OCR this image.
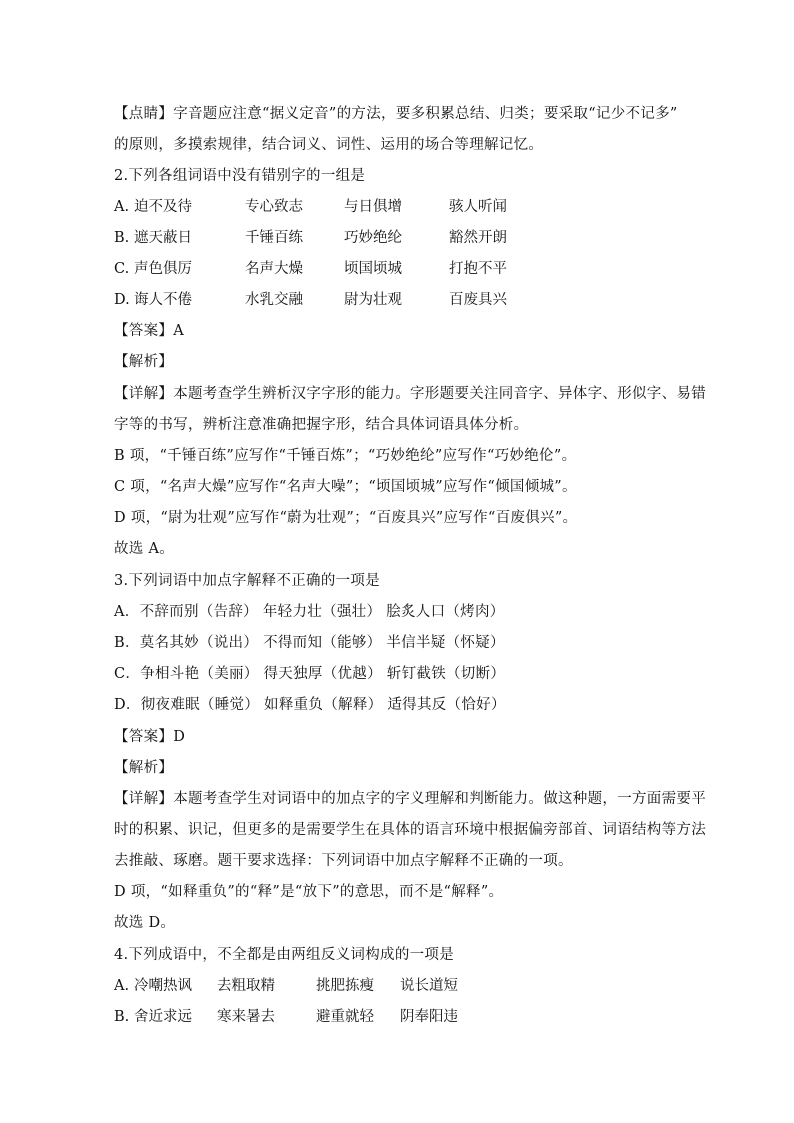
【点睛】字音题应注意“据义定音”的方法，要多积累总结、归类；要采取“记少不记多”
的原则，多摸索规律，结合词义、词性、运用的场合等理解记忆。
2.下列各组词语中没有错别字的一组是
A. 迫不及待	专心致志	与日俱增	骇人听闻
B. 遮天蔽日	千锤百练	巧妙绝纶	豁然开朗
C. 声色俱厉	名声大燥	顷国顷城	打抱不平
D. 诲人不倦	水乳交融	尉为壮观	百废具兴
【答案】A
【解析】
【详解】本题考查学生辨析汉字字形的能力。字形题要关注同音字、异体字、形似字、易错
字等的书写，辨析注意准确把握字形，结合具体词语具体分析。
B 项，“千锤百练”应写作“千锤百炼”；“巧妙绝纶”应写作“巧妙绝伦”。
C 项，“名声大燥”应写作“名声大噪”；“顷国顷城”应写作“倾国倾城”。
D 项，“尉为壮观”应写作“蔚为壮观”；“百废具兴”应写作“百废俱兴”。
故选 A。
3.下列词语中加点字解释不正确的一项是
A．不辞而别（告辞） 年轻力壮（强壮） 脍炙人口（烤肉）
B．莫名其妙（说出） 不得而知（能够） 半信半疑（怀疑）
C．争相斗艳（美丽） 得天独厚（优越） 斩钉截铁（切断）
D．彻夜难眠（睡觉） 如释重负（解释） 适得其反（恰好）
【答案】D
【解析】
【详解】本题考查学生对词语中的加点字的字义理解和判断能力。做这种题，一方面需要平
时的积累、识记，但更多的是需要学生在具体的语言环境中根据偏旁部首、词语结构等方法
去推敲、琢磨。题干要求选择：下列词语中加点字解释不正确的一项。
D 项，“如释重负”的“释”是“放下”的意思，而不是“解释”。
故选 D。
4.下列成语中，不全都是由两组反义词构成的一项是
A. 冷嘲热讽 去粗取精	挑肥拣瘦 说长道短
B. 舍近求远 寒来暑去	避重就轻 阴奉阳违
